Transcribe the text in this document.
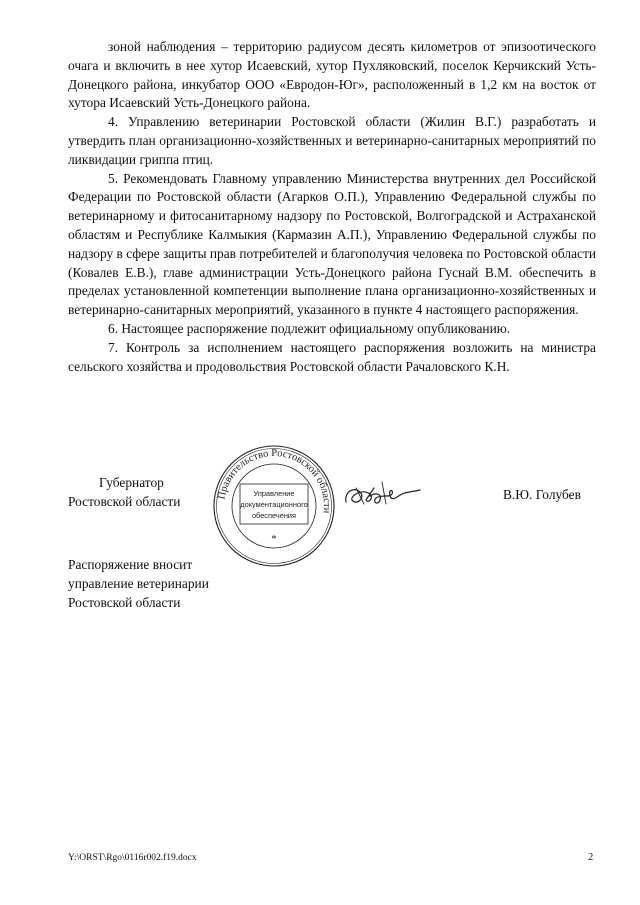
зоной наблюдения – территорию радиусом десять километров от эпизоотического очага и включить в нее хутор Исаевский, хутор Пухляковский, поселок Керчикский Усть-Донецкого района, инкубатор ООО «Евродон-Юг», расположенный в 1,2 км на восток от хутора Исаевский Усть-Донецкого района.

4. Управлению ветеринарии Ростовской области (Жилин В.Г.) разработать и утвердить план организационно-хозяйственных и ветеринарно-санитарных мероприятий по ликвидации гриппа птиц.

5. Рекомендовать Главному управлению Министерства внутренних дел Российской Федерации по Ростовской области (Агарков О.П.), Управлению Федеральной службы по ветеринарному и фитосанитарному надзору по Ростовской, Волгоградской и Астраханской областям и Республике Калмыкия (Кармазин А.П.), Управлению Федеральной службы по надзору в сфере защиты прав потребителей и благополучия человека по Ростовской области (Ковалев Е.В.), главе администрации Усть-Донецкого района Гуснай В.М. обеспечить в пределах установленной компетенции выполнение плана организационно-хозяйственных и ветеринарно-санитарных мероприятий, указанного в пункте 4 настоящего распоряжения.

6. Настоящее распоряжение подлежит официальному опубликованию.

7. Контроль за исполнением настоящего распоряжения возложить на министра сельского хозяйства и продовольствия Ростовской области Рачаловского К.Н.

Губернатор
Ростовской области	Правительство Ростовской области
Управление
документационного
обеспечения
*
В.Ю. Голубев
Распоряжение вносит
управление ветеринарии
Ростовской области
Y:\ORST\Rgo\0116r002.f19.docx	2
